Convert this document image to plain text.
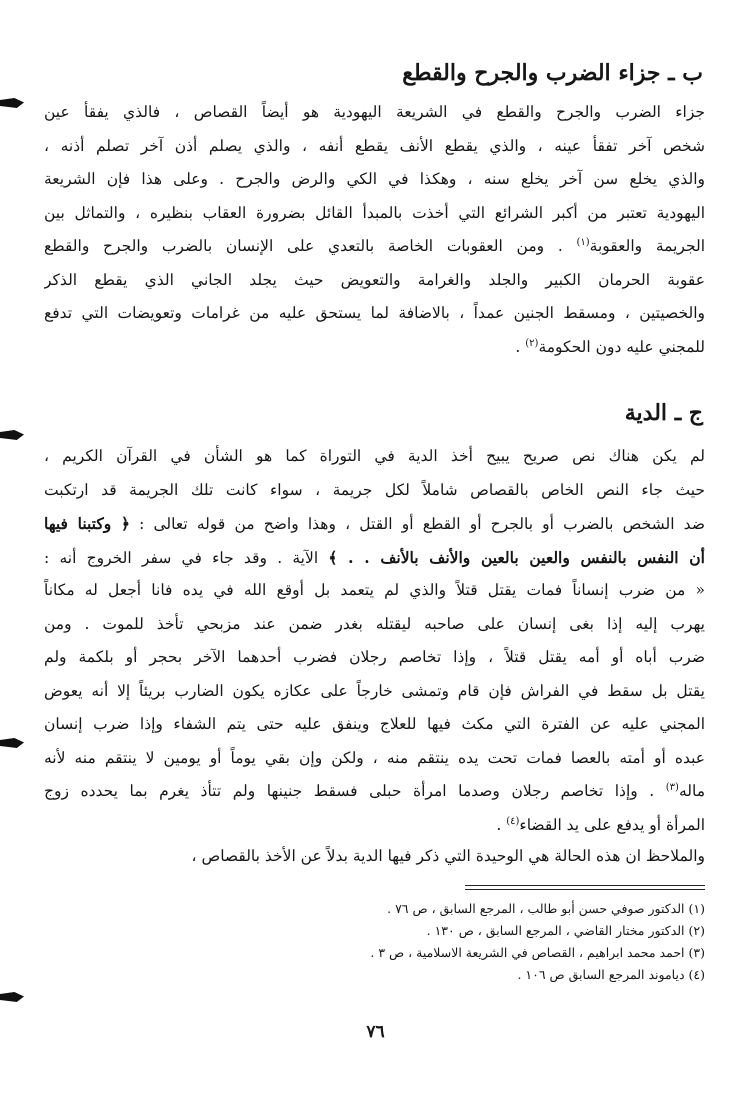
ب ـ جزاء الضرب والجرح والقطع
جزاء الضرب والجرح والقطع في الشريعة اليهودية هو أيضاً القصاص ، فالذي يفقأ عين
شخص آخر تفقأ عينه ، والذي يقطع الأنف يقطع أنفه ، والذي يصلم أذن آخر تصلم أذنه ،
والذي يخلع سن آخر يخلع سنه ، وهكذا في الكي والرض والجرح . وعلى هذا فإن الشريعة
اليهودية تعتبر من أكبر الشرائع التي أخذت بالمبدأ القائل بضرورة العقاب بنظيره ، والتماثل بين
الجريمة والعقوبة$^{(١)}$ . ومن العقوبات الخاصة بالتعدي على الإنسان بالضرب والجرح والقطع
عقوبة الحرمان الكبير والجلد والغرامة والتعويض حيث يجلد الجاني الذي يقطع الذكر
والخصيتين ، ومسقط الجنين عمداً ، بالاضافة لما يستحق عليه من غرامات وتعويضات التي تدفع
للمجني عليه دون الحكومة$^{(٢)}$ .
ج ـ الدية
لم يكن هناك نص صريح يبيح أخذ الدية في التوراة كما هو الشأن في القرآن الكريم ،
حيث جاء النص الخاص بالقصاص شاملاً لكل جريمة ، سواء كانت تلك الجريمة قد ارتكبت
ضد الشخص بالضرب أو بالجرح أو القطع أو القتل ، وهذا واضح من قوله تعالى : ﴿ وكتبنا فيها
أن النفس بالنفس والعين بالعين والأنف بالأنف . . ﴾ الآية . وقد جاء في سفر الخروج أنه :
« من ضرب إنساناً فمات يقتل قتلاً والذي لم يتعمد بل أوقع الله في يده فانا أجعل له مكاناً
يهرب إليه إذا بغى إنسان على صاحبه ليقتله بغدر ضمن عند مزبحي تأخذ للموت . ومن
ضرب أباه أو أمه يقتل قتلاً ، وإذا تخاصم رجلان فضرب أحدهما الآخر بحجر أو بلكمة ولم
يقتل بل سقط في الفراش فإن قام وتمشى خارجاً على عكازه يكون الضارب بريئاً إلا أنه يعوض
المجني عليه عن الفترة التي مكث فيها للعلاج وينفق عليه حتى يتم الشفاء وإذا ضرب إنسان
عبده أو أمته بالعصا فمات تحت يده ينتقم منه ، ولكن وإن بقي يوماً أو يومين لا ينتقم منه لأنه
ماله$^{(٣)}$ . وإذا تخاصم رجلان وصدما امرأة حبلى فسقط جنينها ولم تتأذ يغرم بما يحدده زوج
المرأة أو يدفع على يد القضاء$^{(٤)}$ .
والملاحظ ان هذه الحالة هي الوحيدة التي ذكر فيها الدية بدلاً عن الأخذ بالقصاص ،
(١) الدكتور صوفي حسن أبو طالب ، المرجع السابق ، ص ٧٦ .
(٢) الدكتور مختار القاضي ، المرجع السابق ، ص ١٣٠ .
(٣) احمد محمد ابراهيم ، القصاص في الشريعة الاسلامية ، ص ٣ .
(٤) دياموند المرجع السابق ص ١٠٦ .
٧٦
